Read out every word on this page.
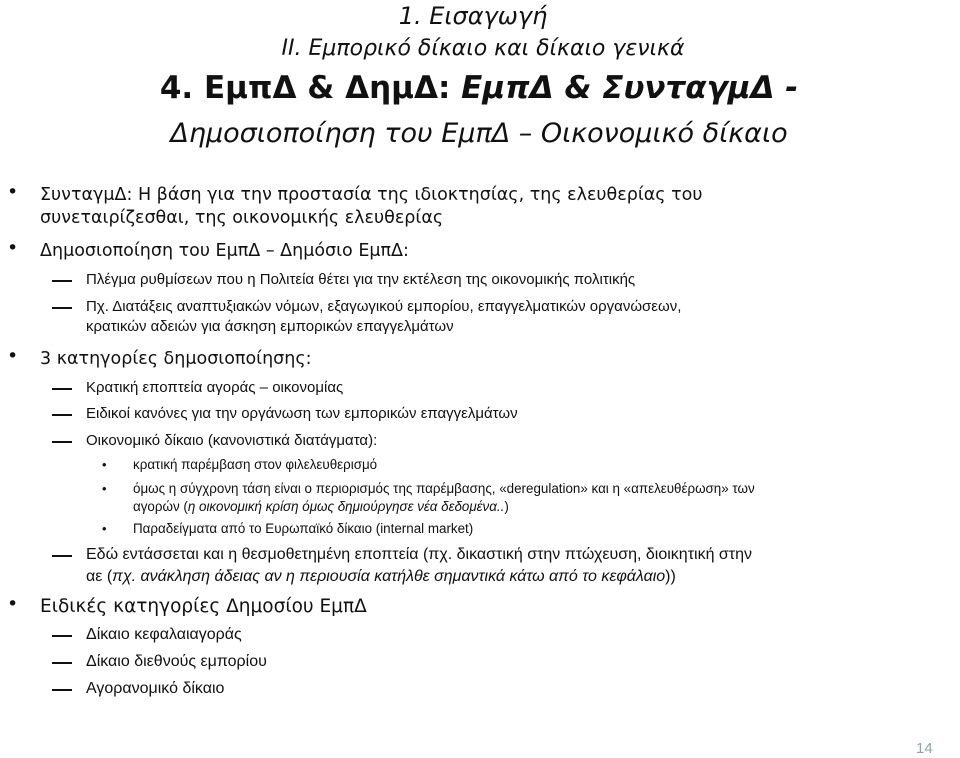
1. Εισαγωγή
ΙΙ. Εμπορικό δίκαιο και δίκαιο γενικά
4. ΕμπΔ & ΔημΔ: ΕμπΔ & ΣυνταγμΔ -
Δημοσιοποίηση του ΕμπΔ – Οικονομικό δίκαιο
• ΣυνταγμΔ: Η βάση για την προστασία της ιδιοκτησίας, της ελευθερίας του
συνεταιρίζεσθαι, της οικονομικής ελευθερίας
• Δημοσιοποίηση του ΕμπΔ – Δημόσιο ΕμπΔ:
Πλέγμα ρυθμίσεων που η Πολιτεία θέτει για την εκτέλεση της οικονομικής πολιτικής
Πχ. Διατάξεις αναπτυξιακών νόμων, εξαγωγικού εμπορίου, επαγγελματικών οργανώσεων,
κρατικών αδειών για άσκηση εμπορικών επαγγελμάτων
• 3 κατηγορίες δημοσιοποίησης:
Κρατική εποπτεία αγοράς – οικονομίας
Ειδικοί κανόνες για την οργάνωση των εμπορικών επαγγελμάτων
Οικονομικό δίκαιο (κανονιστικά διατάγματα):
• κρατική παρέμβαση στον φιλελευθερισμό
• όμως η σύγχρονη τάση είναι ο περιορισμός της παρέμβασης, «deregulation» και η «απελευθέρωση» των
αγορών (η οικονομική κρίση όμως δημιούργησε νέα δεδομένα..)
• Παραδείγματα από το Ευρωπαϊκό δίκαιο (internal market)
Εδώ εντάσσεται και η θεσμοθετημένη εποπτεία (πχ. δικαστική στην πτώχευση, διοικητική στην
αε (πχ. ανάκληση άδειας αν η περιουσία κατήλθε σημαντικά κάτω από το κεφάλαιο))
• Ειδικές κατηγορίες Δημοσίου ΕμπΔ
Δίκαιο κεφαλαιαγοράς
Δίκαιο διεθνούς εμπορίου
Αγορανομικό δίκαιο
14
